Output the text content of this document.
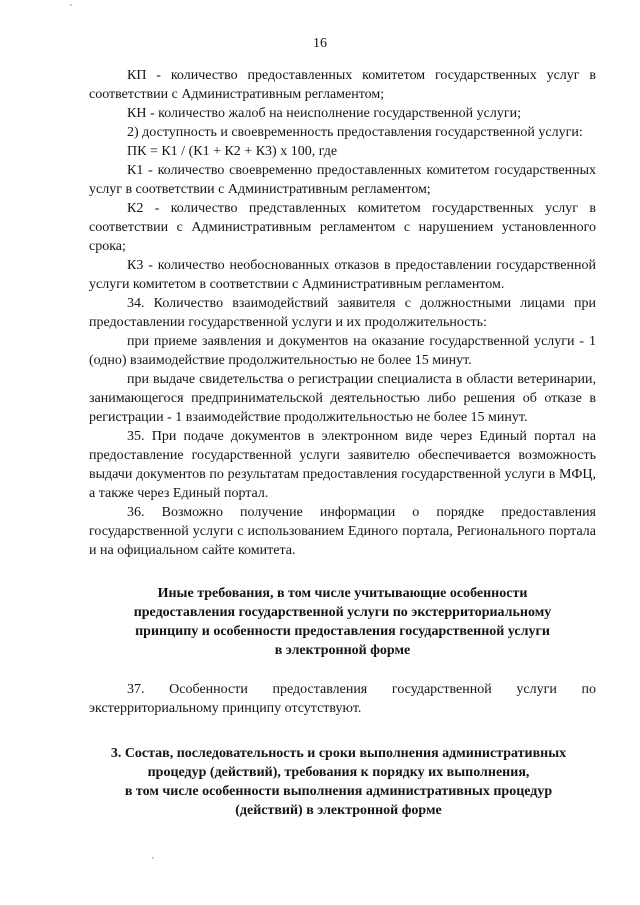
16

КП - количество предоставленных комитетом государственных услуг в соответствии с Административным регламентом;

КН - количество жалоб на неисполнение государственной услуги;

2) доступность и своевременность предоставления государственной услуги:

ПК = К1 / (К1 + К2 + К3) x 100, где

К1 - количество своевременно предоставленных комитетом государственных услуг в соответствии с Административным регламентом;

К2 - количество представленных комитетом государственных услуг в соответствии с Административным регламентом с нарушением установленного срока;

К3 - количество необоснованных отказов в предоставлении государственной услуги комитетом в соответствии с Административным регламентом.

34. Количество взаимодействий заявителя с должностными лицами при предоставлении государственной услуги и их продолжительность:

при приеме заявления и документов на оказание государственной услуги - 1 (одно) взаимодействие продолжительностью не более 15 минут.

при выдаче свидетельства о регистрации специалиста в области ветеринарии, занимающегося предпринимательской деятельностью либо решения об отказе в регистрации - 1 взаимодействие продолжительностью не более 15 минут.

35. При подаче документов в электронном виде через Единый портал на предоставление государственной услуги заявителю обеспечивается возможность выдачи документов по результатам предоставления государственной услуги в МФЦ, а также через Единый портал.

36. Возможно получение информации о порядке предоставления государственной услуги с использованием Единого портала, Регионального портала и на официальном сайте комитета.

Иные требования, в том числе учитывающие особенности
предоставления государственной услуги по экстерриториальному
принципу и особенности предоставления государственной услуги
в электронной форме

37. Особенности предоставления государственной услуги по экстерриториальному принципу отсутствуют.

3. Состав, последовательность и сроки выполнения административных
процедур (действий), требования к порядку их выполнения,
в том числе особенности выполнения административных процедур
(действий) в электронной форме
